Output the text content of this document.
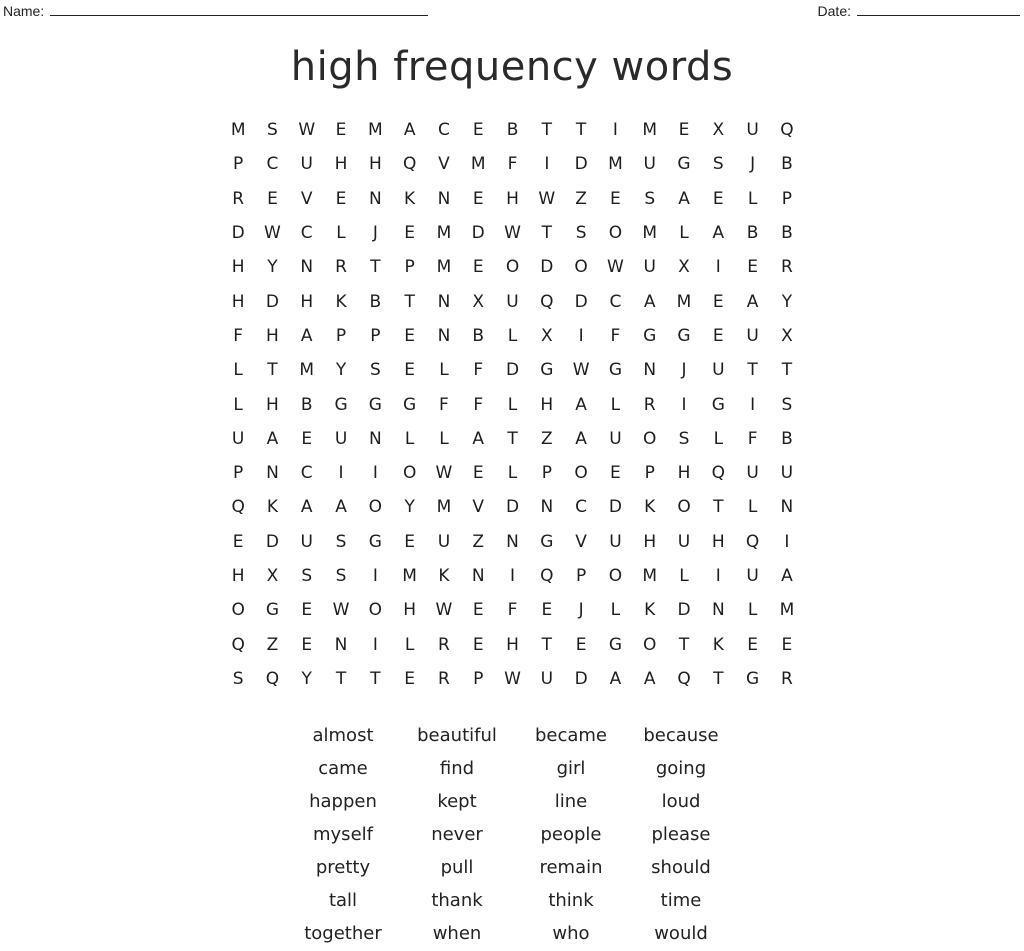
Name:	Date:
high frequency words
M	S	W	E	M	A	C	E	B	T	T	I	M	E	X	U	Q
P	C	U	H	H	Q	V	M	F	I	D	M	U	G	S	J	B
R	E	V	E	N	K	N	E	H	W	Z	E	S	A	E	L	P
D	W	C	L	J	E	M	D	W	T	S	O	M	L	A	B	B
H	Y	N	R	T	P	M	E	O	D	O	W	U	X	I	E	R
H	D	H	K	B	T	N	X	U	Q	D	C	A	M	E	A	Y
F	H	A	P	P	E	N	B	L	X	I	F	G	G	E	U	X
L	T	M	Y	S	E	L	F	D	G	W	G	N	J	U	T	T
L	H	B	G	G	G	F	F	L	H	A	L	R	I	G	I	S
U	A	E	U	N	L	L	A	T	Z	A	U	O	S	L	F	B
P	N	C	I	I	O	W	E	L	P	O	E	P	H	Q	U	U
Q	K	A	A	O	Y	M	V	D	N	C	D	K	O	T	L	N
E	D	U	S	G	E	U	Z	N	G	V	U	H	U	H	Q	I
H	X	S	S	I	M	K	N	I	Q	P	O	M	L	I	U	A
O	G	E	W	O	H	W	E	F	E	J	L	K	D	N	L	M
Q	Z	E	N	I	L	R	E	H	T	E	G	O	T	K	E	E
S	Q	Y	T	T	E	R	P	W	U	D	A	A	Q	T	G	R
almost	beautiful	became	because
came	find	girl	going
happen	kept	line	loud
myself	never	people	please
pretty	pull	remain	should
tall	thank	think	time
together	when	who	would
